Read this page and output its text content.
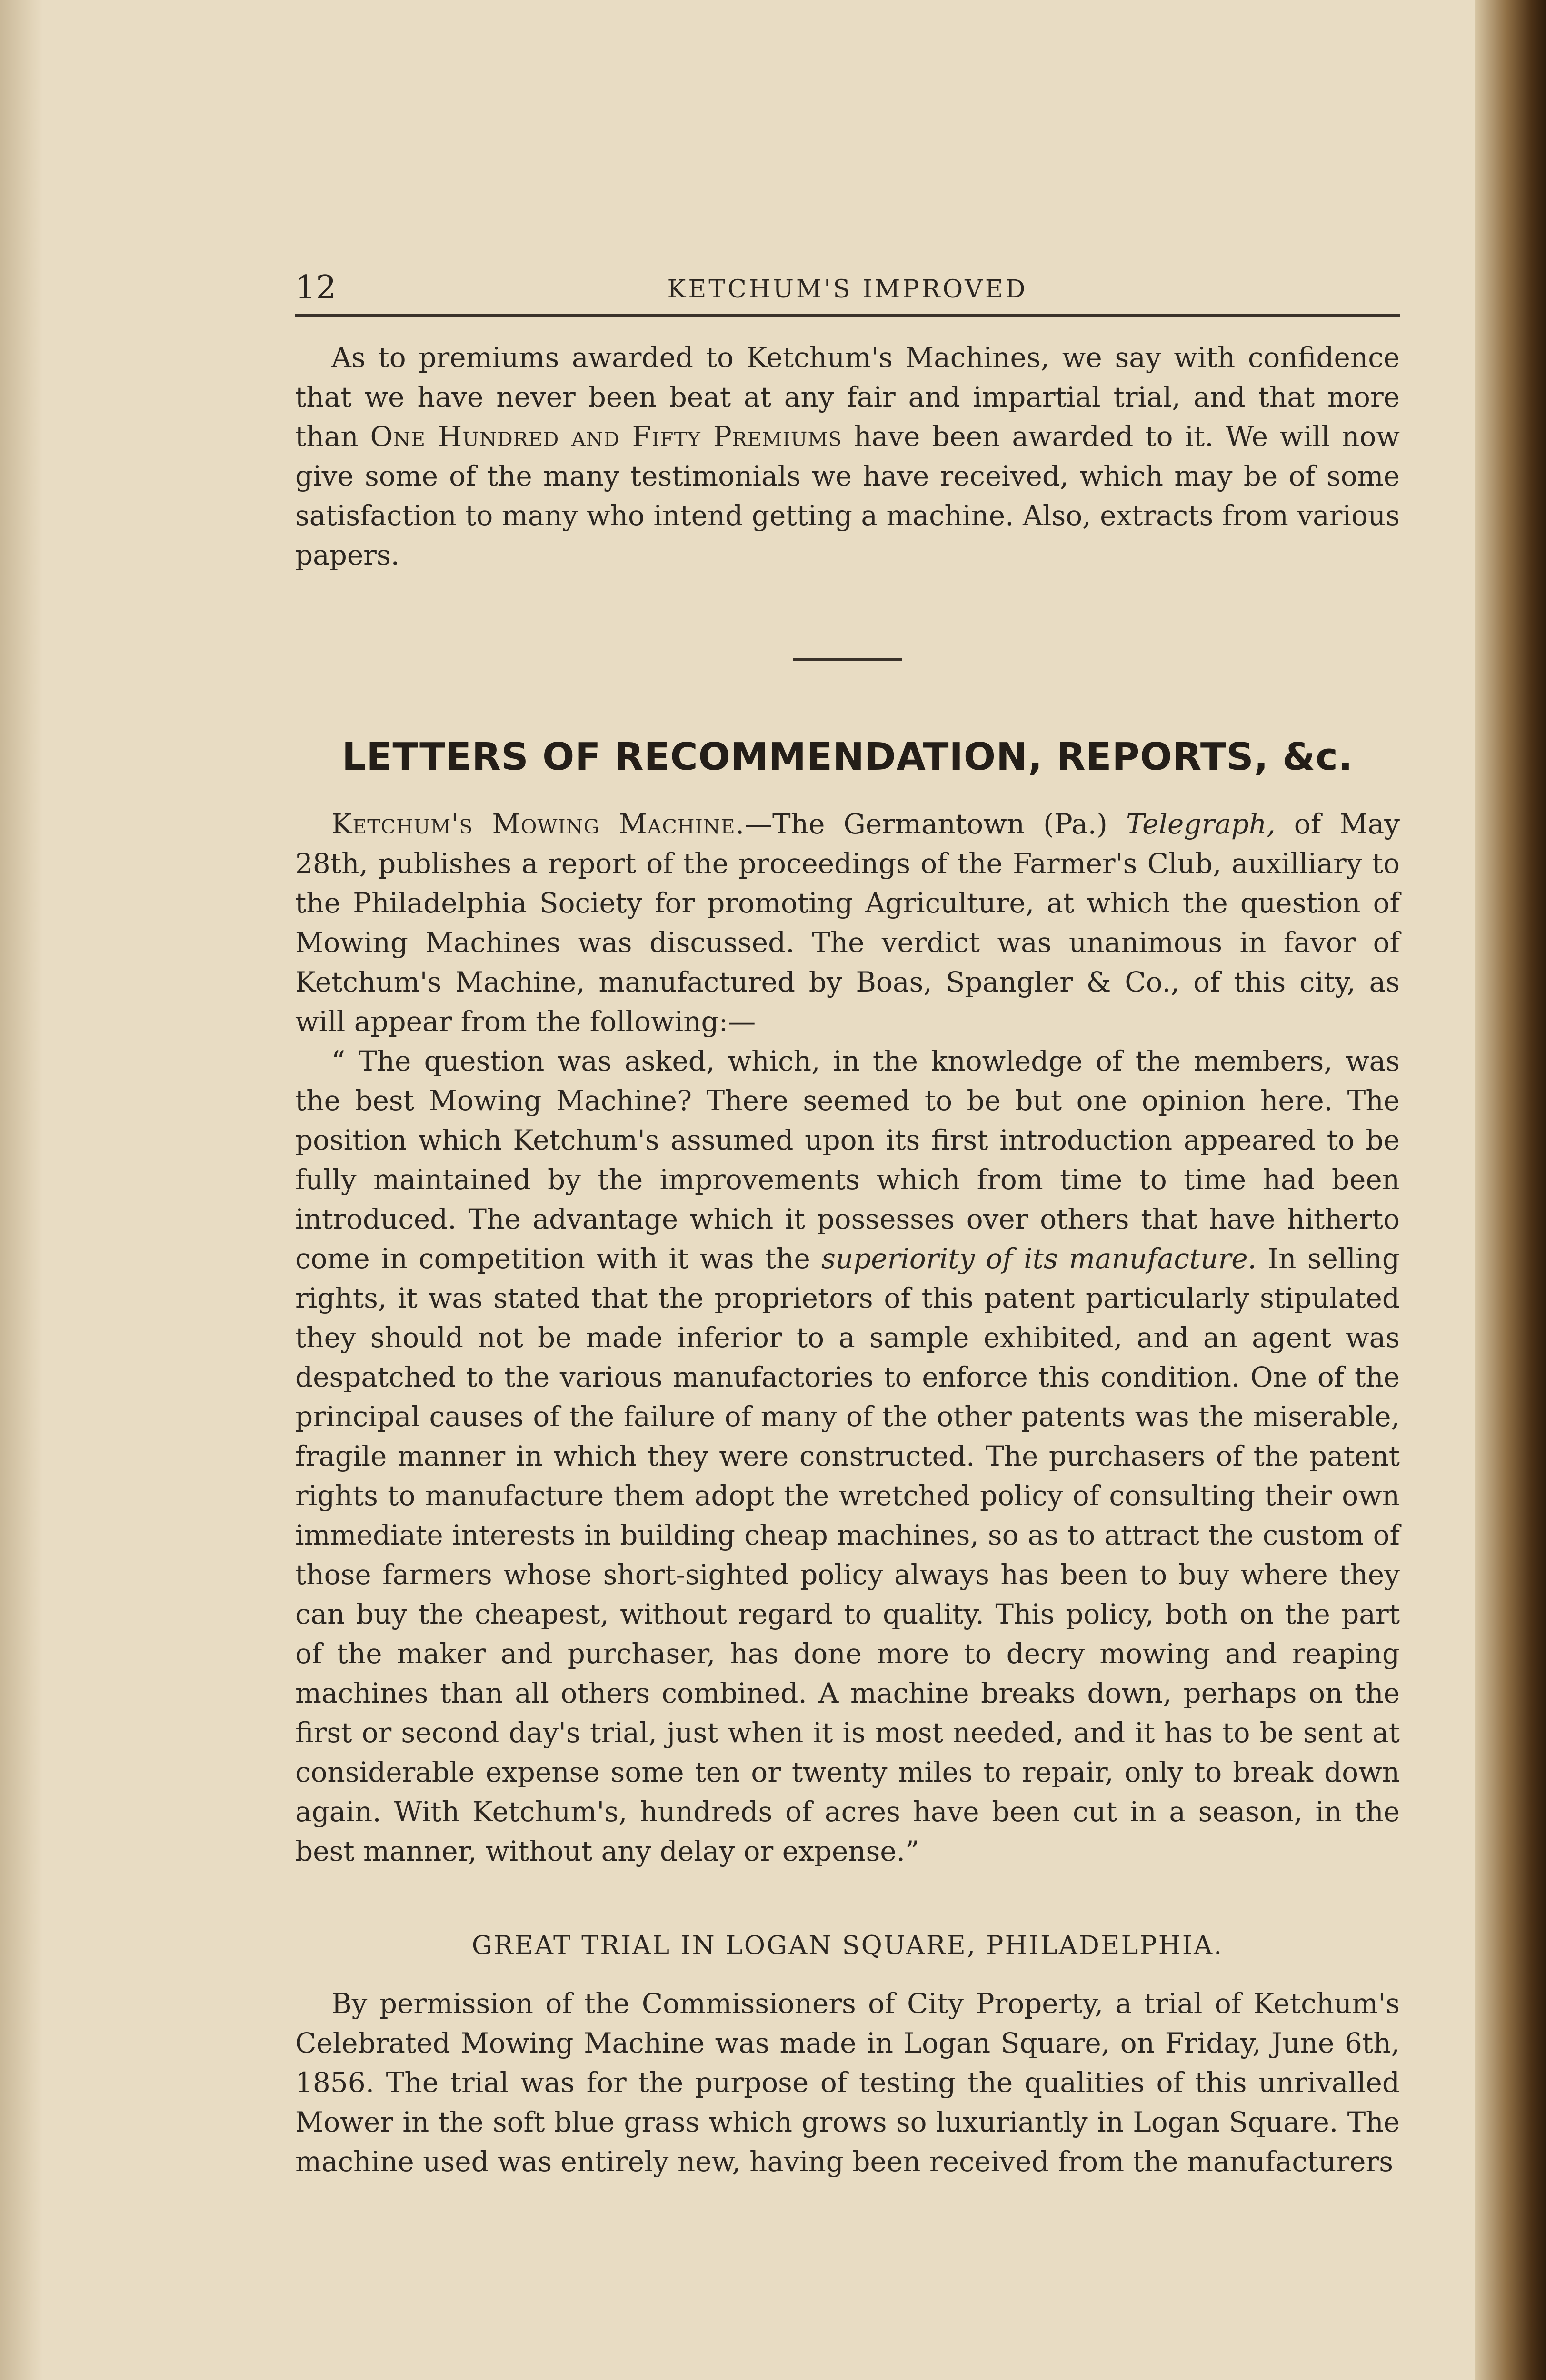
12	KETCHUM'S IMPROVED

As to premiums awarded to Ketchum's Machines, we say with confidence that we have never been beat at any fair and impartial trial, and that more than One Hundred and Fifty Premiums have been awarded to it. We will now give some of the many testimonials we have received, which may be of some satisfaction to many who intend getting a machine. Also, extracts from various papers.

LETTERS OF RECOMMENDATION, REPORTS, &c.

Ketchum's Mowing Machine.—The Germantown (Pa.) Telegraph, of May 28th, publishes a report of the proceedings of the Farmer's Club, auxilliary to the Philadelphia Society for promoting Agriculture, at which the question of Mowing Machines was discussed. The verdict was unanimous in favor of Ketchum's Machine, manufactured by Boas, Spangler & Co., of this city, as will appear from the following:—

“ The question was asked, which, in the knowledge of the members, was the best Mowing Machine? There seemed to be but one opinion here. The position which Ketchum's assumed upon its first introduction appeared to be fully maintained by the improvements which from time to time had been introduced. The advantage which it possesses over others that have hitherto come in competition with it was the superiority of its manufacture. In selling rights, it was stated that the proprietors of this patent particularly stipulated they should not be made inferior to a sample exhibited, and an agent was despatched to the various manufactories to enforce this condition. One of the principal causes of the failure of many of the other patents was the miserable, fragile manner in which they were constructed. The purchasers of the patent rights to manufacture them adopt the wretched policy of consulting their own immediate interests in building cheap machines, so as to attract the custom of those farmers whose short-sighted policy always has been to buy where they can buy the cheapest, without regard to quality. This policy, both on the part of the maker and purchaser, has done more to decry mowing and reaping machines than all others combined. A machine breaks down, perhaps on the first or second day's trial, just when it is most needed, and it has to be sent at considerable expense some ten or twenty miles to repair, only to break down again. With Ketchum's, hundreds of acres have been cut in a season, in the best manner, without any delay or expense.”

GREAT TRIAL IN LOGAN SQUARE, PHILADELPHIA.

By permission of the Commissioners of City Property, a trial of Ketchum's Celebrated Mowing Machine was made in Logan Square, on Friday, June 6th, 1856. The trial was for the purpose of testing the qualities of this unrivalled Mower in the soft blue grass which grows so luxuriantly in Logan Square. The machine used was entirely new, having been received from the manufacturers
